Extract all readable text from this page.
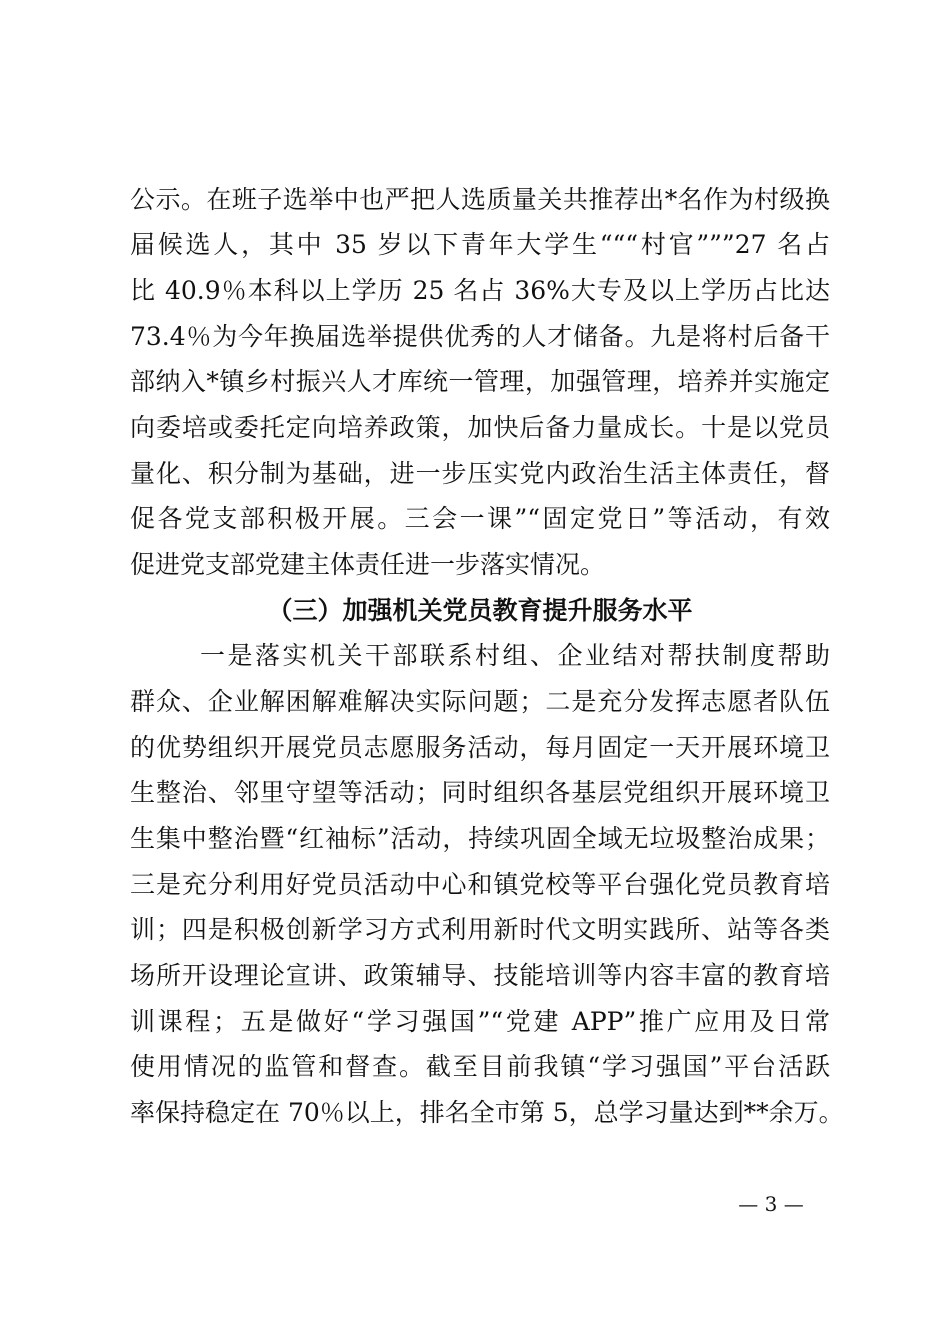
公示。在班子选举中也严把人选质量关共推荐出*名作为村级换
届候选人，其中 35 岁以下青年大学生“““村官”””27 名占
比 40.9％本科以上学历 25 名占 36%大专及以上学历占比达
73.4％为今年换届选举提供优秀的人才储备。九是将村后备干
部纳入*镇乡村振兴人才库统一管理，加强管理，培养并实施定
向委培或委托定向培养政策，加快后备力量成长。十是以党员
量化、积分制为基础，进一步压实党内政治生活主体责任，督
促各党支部积极开展。三会一课”“固定党日”等活动，有效
促进党支部党建主体责任进一步落实情况。
（三）加强机关党员教育提升服务水平
一是落实机关干部联系村组、企业结对帮扶制度帮助
群众、企业解困解难解决实际问题；二是充分发挥志愿者队伍
的优势组织开展党员志愿服务活动，每月固定一天开展环境卫
生整治、邻里守望等活动；同时组织各基层党组织开展环境卫
生集中整治暨“红袖标”活动，持续巩固全域无垃圾整治成果；
三是充分利用好党员活动中心和镇党校等平台强化党员教育培
训；四是积极创新学习方式利用新时代文明实践所、站等各类
场所开设理论宣讲、政策辅导、技能培训等内容丰富的教育培
训课程；五是做好“学习强国”“党建 APP”推广应用及日常
使用情况的监管和督查。截至目前我镇“学习强国”平台活跃
率保持稳定在 70％以上，排名全市第 5，总学习量达到**余万。
— 3 —
